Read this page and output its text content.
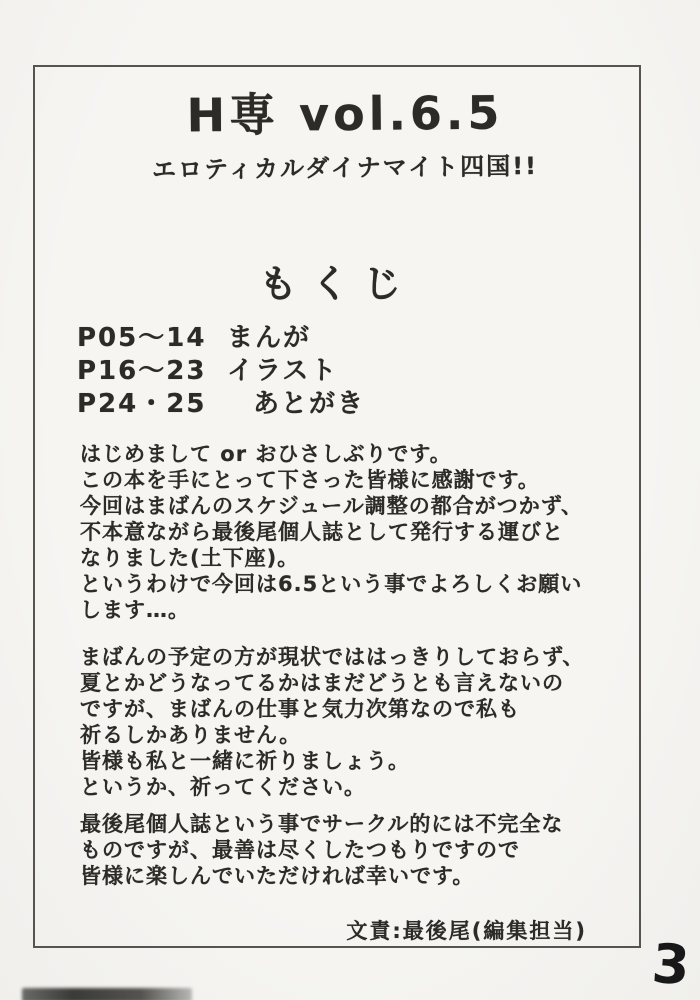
H専 vol.6.5
エロティカルダイナマイト四国!!
もくじ
P05〜14 まんが
P16〜23 イラスト
P24・25	あとがき
はじめまして or おひさしぶりです。
この本を手にとって下さった皆様に感謝です。
今回はまばんのスケジュール調整の都合がつかず、
不本意ながら最後尾個人誌として発行する運びと
なりました(土下座)。
というわけで今回は6.5という事でよろしくお願い
します…。
まばんの予定の方が現状でははっきりしておらず、
夏とかどうなってるかはまだどうとも言えないの
ですが、まばんの仕事と気力次第なので私も
祈るしかありません。
皆様も私と一緒に祈りましょう。
というか、祈ってください。
最後尾個人誌という事でサークル的には不完全な
ものですが、最善は尽くしたつもりですので
皆様に楽しんでいただければ幸いです。
文責:最後尾(編集担当)
3
